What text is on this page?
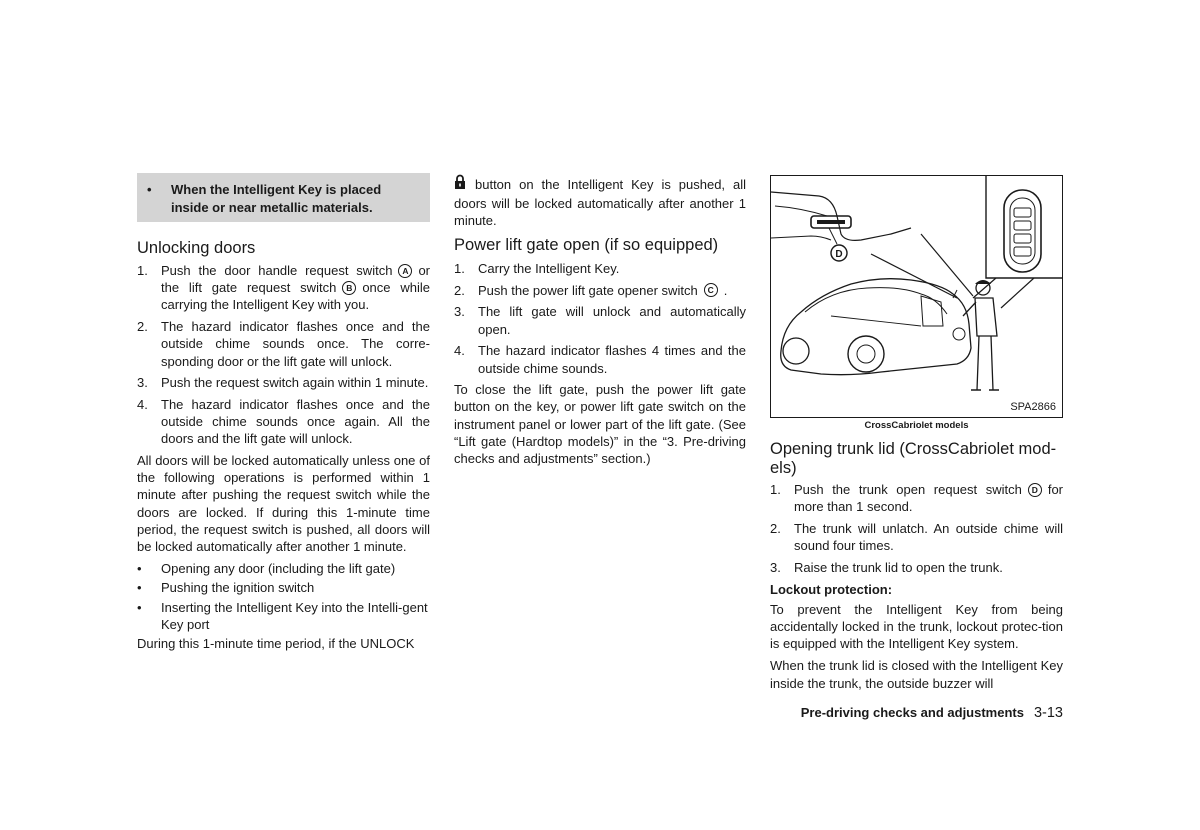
•	When the Intelligent Key is placed inside or near metallic materials.
Unlocking doors
1.	Push the door handle request switch A or the lift gate request switch B once while carrying the Intelligent Key with you.
2.	The hazard indicator flashes once and the outside chime sounds once. The corre-sponding door or the lift gate will unlock.
3.	Push the request switch again within 1 minute.
4.	The hazard indicator flashes once and the outside chime sounds once again. All the doors and the lift gate will unlock.

All doors will be locked automatically unless one of the following operations is performed within 1 minute after pushing the request switch while the doors are locked. If during this 1-minute time period, the request switch is pushed, all doors will be locked automatically after another 1 minute.

•	Opening any door (including the lift gate)
•	Pushing the ignition switch
•	Inserting the Intelligent Key into the Intelli-gent Key port

During this 1-minute time period, if the UNLOCK

button on the Intelligent Key is pushed, all doors will be locked automatically after another 1 minute.

Power lift gate open (if so equipped)
1.	Carry the Intelligent Key.
2.	Push the power lift gate opener switch C .
3.	The lift gate will unlock and automatically open.
4.	The hazard indicator flashes 4 times and the outside chime sounds.

To close the lift gate, push the power lift gate button on the key, or power lift gate switch on the instrument panel or lower part of the lift gate. (See “Lift gate (Hardtop models)” in the “3. Pre-driving checks and adjustments” section.)

D
SPA2866
CrossCabriolet models
Opening trunk lid (CrossCabriolet mod-els)
1.	Push the trunk open request switch D for more than 1 second.
2.	The trunk will unlatch. An outside chime will sound four times.
3.	Raise the trunk lid to open the trunk.
Lockout protection:

To prevent the Intelligent Key from being accidentally locked in the trunk, lockout protec-tion is equipped with the Intelligent Key system.

When the trunk lid is closed with the Intelligent Key inside the trunk, the outside buzzer will

Pre-driving checks and adjustments 3-13
